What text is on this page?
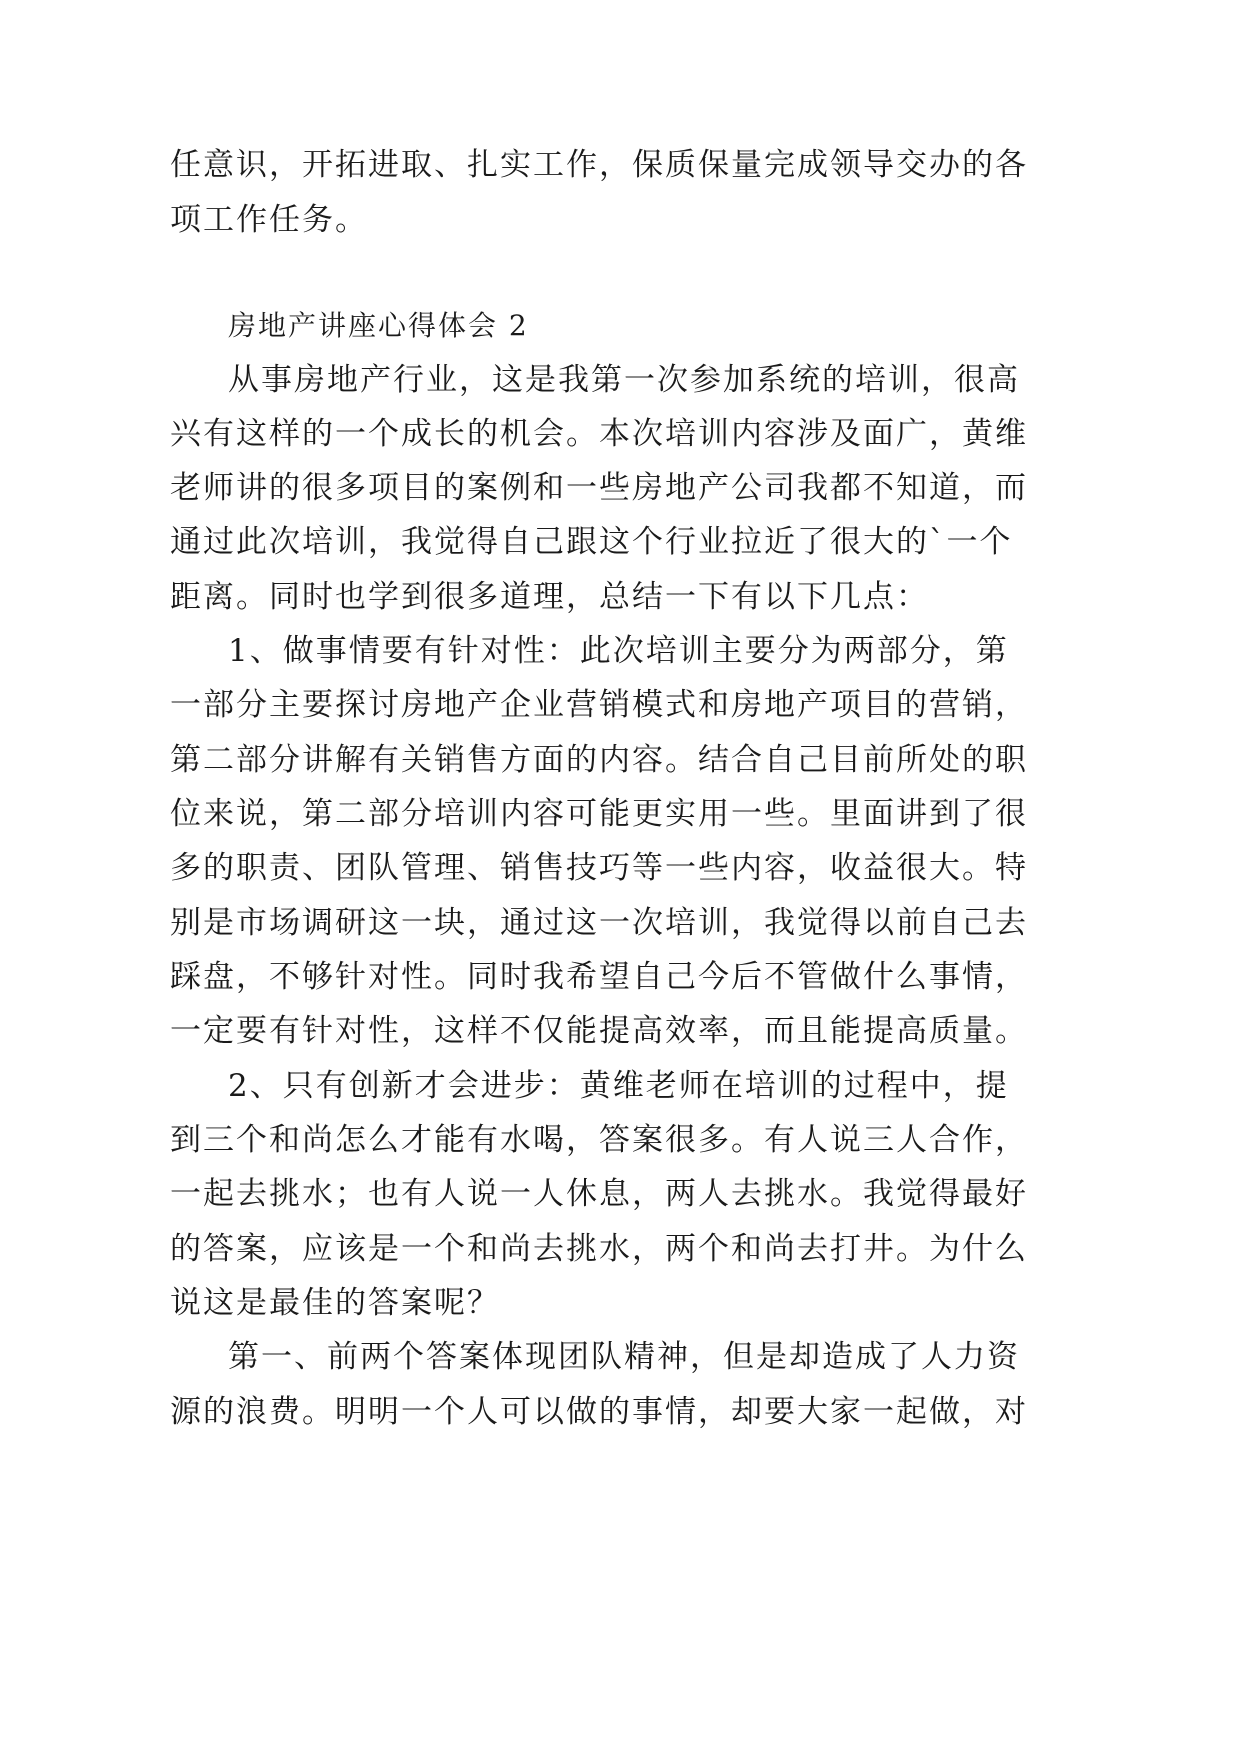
任意识，开拓进取、扎实工作，保质保量完成领导交办的各
项工作任务。
房地产讲座心得体会 2
从事房地产行业，这是我第一次参加系统的培训，很高
兴有这样的一个成长的机会。本次培训内容涉及面广，黄维
老师讲的很多项目的案例和一些房地产公司我都不知道，而
通过此次培训，我觉得自己跟这个行业拉近了很大的`一个
距离。同时也学到很多道理，总结一下有以下几点：
1、做事情要有针对性：此次培训主要分为两部分，第
一部分主要探讨房地产企业营销模式和房地产项目的营销，
第二部分讲解有关销售方面的内容。结合自己目前所处的职
位来说，第二部分培训内容可能更实用一些。里面讲到了很
多的职责、团队管理、销售技巧等一些内容，收益很大。特
别是市场调研这一块，通过这一次培训，我觉得以前自己去
踩盘，不够针对性。同时我希望自己今后不管做什么事情，
一定要有针对性，这样不仅能提高效率，而且能提高质量。
2、只有创新才会进步：黄维老师在培训的过程中，提
到三个和尚怎么才能有水喝，答案很多。有人说三人合作，
一起去挑水；也有人说一人休息，两人去挑水。我觉得最好
的答案，应该是一个和尚去挑水，两个和尚去打井。为什么
说这是最佳的答案呢？
第一、前两个答案体现团队精神，但是却造成了人力资
源的浪费。明明一个人可以做的事情，却要大家一起做，对
